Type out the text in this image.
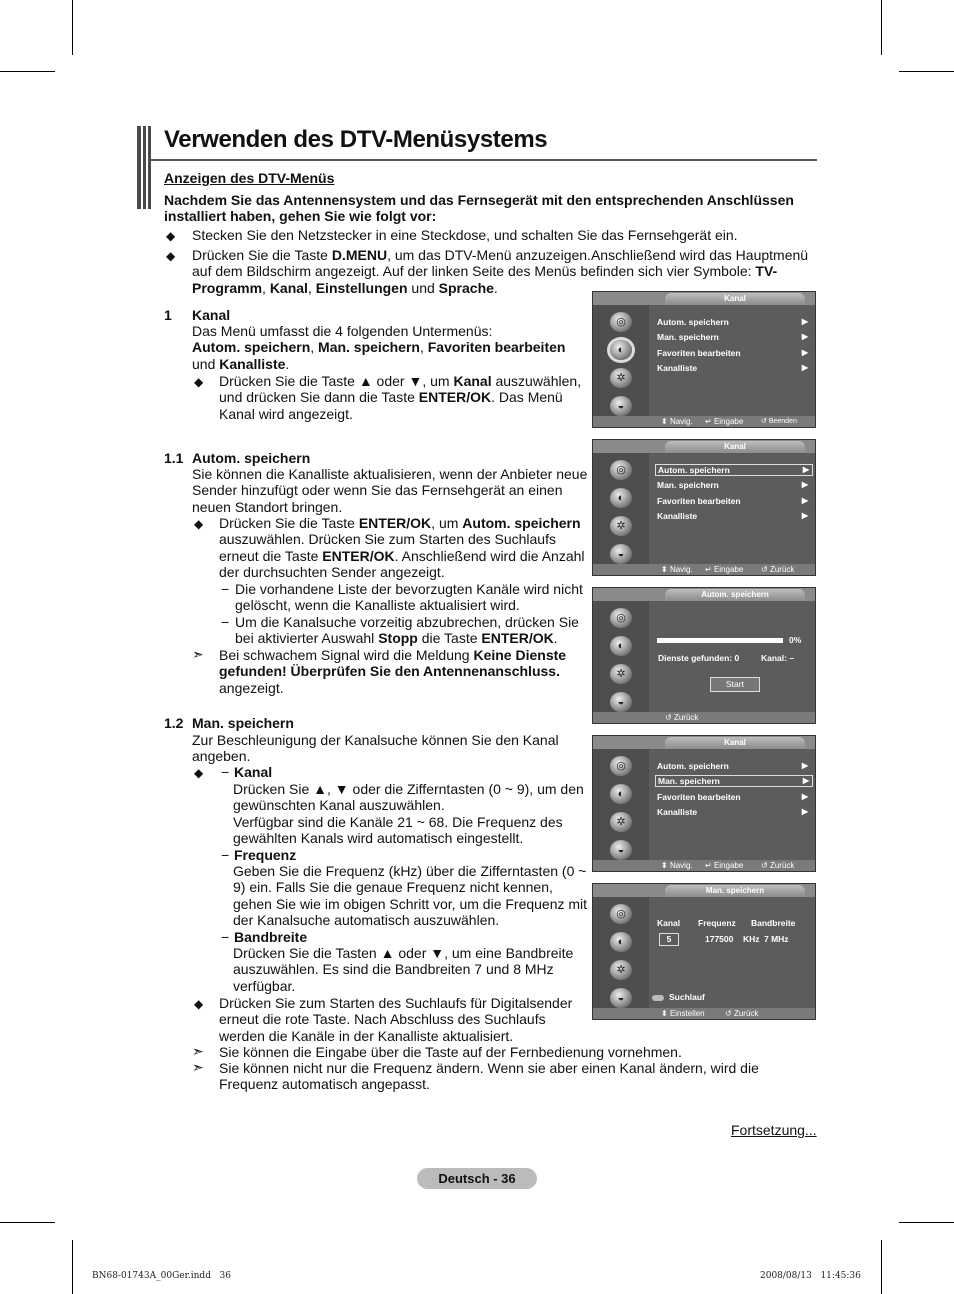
Verwenden des DTV-Menüsystems
Anzeigen des DTV-Menüs
Nachdem Sie das Antennensystem und das Fernsegerät mit den entsprechenden Anschlüssen installiert haben, gehen Sie wie folgt vor:
◆ Stecken Sie den Netzstecker in eine Steckdose, und schalten Sie das Fernsehgerät ein.
◆ Drücken Sie die Taste D.MENU, um das DTV-Menü anzuzeigen.Anschließend wird das Hauptmenü auf dem Bildschirm angezeigt. Auf der linken Seite des Menüs befinden sich vier Symbole: TV-Programm, Kanal, Einstellungen und Sprache.
1 Kanal
Das Menü umfasst die 4 folgenden Untermenüs:
Autom. speichern, Man. speichern, Favoriten bearbeiten
und Kanalliste.
◆ Drücken Sie die Taste ▲ oder ▼, um Kanal auszuwählen, und drücken Sie dann die Taste ENTER/OK. Das Menü Kanal wird angezeigt.
1.1 Autom. speichern
Sie können die Kanalliste aktualisieren, wenn der Anbieter neue Sender hinzufügt oder wenn Sie das Fernsehgerät an einen neuen Standort bringen.
◆ Drücken Sie die Taste ENTER/OK, um Autom. speichern auszuwählen. Drücken Sie zum Starten des Suchlaufs erneut die Taste ENTER/OK. Anschließend wird die Anzahl der durchsuchten Sender angezeigt.
− Die vorhandene Liste der bevorzugten Kanäle wird nicht gelöscht, wenn die Kanalliste aktualisiert wird.
− Um die Kanalsuche vorzeitig abzubrechen, drücken Sie bei aktivierter Auswahl Stopp die Taste ENTER/OK.
➣ Bei schwachem Signal wird die Meldung Keine Dienste gefunden! Überprüfen Sie den Antennenanschluss. angezeigt.
1.2 Man. speichern
Zur Beschleunigung der Kanalsuche können Sie den Kanal angeben.
◆ − Kanal
Drücken Sie ▲, ▼ oder die Zifferntasten (0 ~ 9), um den gewünschten Kanal auszuwählen.
Verfügbar sind die Kanäle 21 ~ 68. Die Frequenz des gewählten Kanals wird automatisch eingestellt.
− Frequenz
Geben Sie die Frequenz (kHz) über die Zifferntasten (0 ~ 9) ein. Falls Sie die genaue Frequenz nicht kennen, gehen Sie wie im obigen Schritt vor, um die Frequenz mit der Kanalsuche automatisch auszuwählen.
− Bandbreite
Drücken Sie die Tasten ▲ oder ▼, um eine Bandbreite auszuwählen. Es sind die Bandbreiten 7 und 8 MHz verfügbar.
◆ Drücken Sie zum Starten des Suchlaufs für Digitalsender erneut die rote Taste. Nach Abschluss des Suchlaufs werden die Kanäle in der Kanalliste aktualisiert.
➣ Sie können die Eingabe über die Taste auf der Fernbedienung vornehmen.
➣ Sie können nicht nur die Frequenz ändern. Wenn sie aber einen Kanal ändern, wird die Frequenz automatisch angepasst.
Kanal
◎
◐
✲
◒
Autom. speichern	▶
Man. speichern	▶
Favoriten bearbeiten	▶
Kanalliste	▶
⬍ Navig. ↵ Eingabe	↺ Beenden
Kanal
◎
◐
✲
◒
Autom. speichern	▶
Man. speichern	▶
Favoriten bearbeiten	▶
Kanalliste	▶
⬍ Navig. ↵ Eingabe ↺ Zurück
Autom. speichern
◎
◐
✲
◒
0%
Dienste gefunden: 0	Kanal: –
Start
↺ Zurück
Kanal
◎
◐
✲
◒
Autom. speichern	▶
Man. speichern	▶
Favoriten bearbeiten	▶
Kanalliste	▶
⬍ Navig. ↵ Eingabe ↺ Zurück
Man. speichern
◎
◐
✲
◒
Kanal Frequenz Bandbreite
5	177500 KHz 7 MHz
Suchlauf
⬍ Einstellen	↺ Zurück
Fortsetzung...
Deutsch - 36
BN68-01743A_00Ger.indd   36	2008/08/13   11:45:36
